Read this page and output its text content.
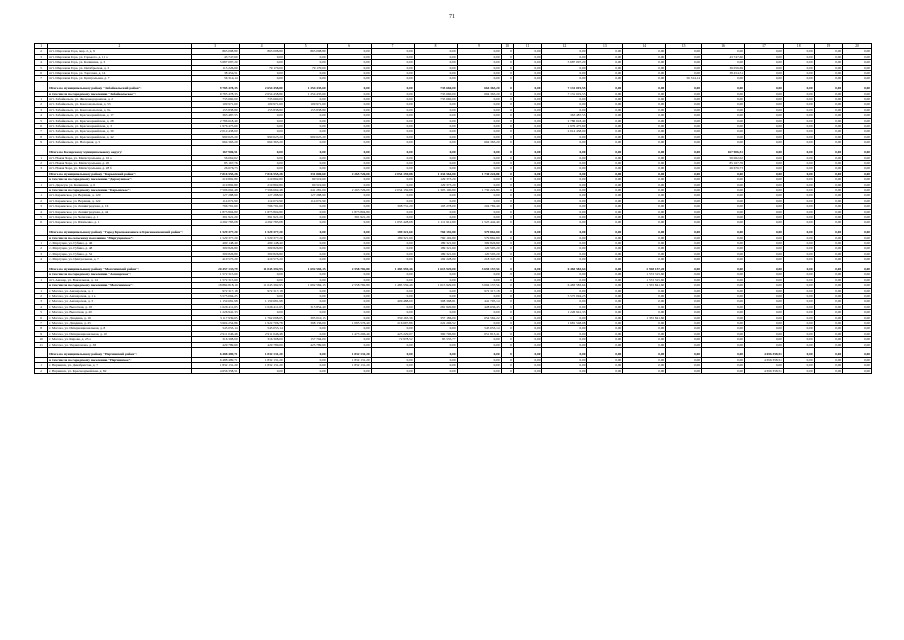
71
1	2	3	4	5	6	7	8	9	10	11	12	13	14	15	16	17	18	19	20
2	пгт. Шерловая Гора, мкр. 2, д. 9	863 098,80	863 098,80	863 098,80	0,00	0,00	0,00	0,00	0	0,00	0,00	0,00	0,00	0,00	0,00	0,00	0,00	0,00	0,00
3	пгт. Шерловая Гора, ул. Горького, д. 11 а	43 747,60	0,00	0,00	0,00	0,00	0,00	0,00	0	0,00	0,00	0,00	0,00	0,00	43 747,60	0,00	0,00	0,00	0,00
4	пгт. Шерловая Гора, ул. Калинина, д. 3	5 687 097,20	0,00	0,00	0,00	0,00	0,00	0,00	0	0,00	5 687 097,20	0,00	0,00	0,00	0,00	0,00	0,00	0,00	0,00
5	пгт. Шерловая Гора, ул. Октябрьская, д. 3	115 226,69	79 170,00	79 170,00	0,00	0,00	0,00	0,00	0	0,00	0,00	0,00	0,00	0,00	36 056,69	0,00	0,00	0,00	0,00
6	пгт. Шерловая Гора, ул. Торговая, д. 14	38 454,51	0,00	0,00	0,00	0,00	0,00	0,00	0	0,00	0,00	0,00	0,00	0,00	38 454,51	0,00	0,00	0,00	0,00
7	пгт. Шерловая Гора, ул. Центральная, д. 7	56 314,14	0,00	0,00	0,00	0,00	0,00	0,00	0	0,00	0,00	0,00	0,00	56 314,14	0,00	0,00	0,00	0,00	0,00
	Итого по муниципальному району "Забайкальский район":	9 785 478,35	2 654 458,80	1 254 435,60	0,00	0,00	735 660,00	664 363,20	0	0,00	7 131 019,55	0,00	0,00	0,00	0,00	0,00	0,00	0,00	0,00
	в том числе по городскому поселению "Забайкальское":	9 785 478,35	2 654 458,80	1 254 435,60	0,00	0,00	735 660,00	664 363,20	0	0,00	7 131 019,55	0,00	0,00	0,00	0,00	0,00	0,00	0,00	0,00
1	пгт. Забайкальск, ул. Железнодорожная, д. 2	735 660,00	735 660,00	0,00	0,00	0,00	735 660,00	0,00	0	0,00	0,00	0,00	0,00	0,00	0,00	0,00	0,00	0,00	0,00
2	пгт. Забайкальск, ул. Комсомольская, д. 53	109 971,60	109 971,60	109 971,60	0,00	0,00	0,00	0,00	0	0,00	0,00	0,00	0,00	0,00	0,00	0,00	0,00	0,00	0,00
3	пгт. Забайкальск, ул. Комсомольская, д. 9а	155 838,80	155 838,80	155 838,80	0,00	0,00	0,00	0,00	0	0,00	0,00	0,00	0,00	0,00	0,00	0,00	0,00	0,00	0,00
4	пгт. Забайкальск, ул. Красноармейская, д. 17	363 487,55	0,00	0,00	0,00	0,00	0,00	0,00	0	0,00	363 487,55	0,00	0,00	0,00	0,00	0,00	0,00	0,00	0,00
5	пгт. Забайкальск, ул. Красноармейская, д. 28	2 786 618,40	0,00	0,00	0,00	0,00	0,00	0,00	0	0,00	2 786 618,40	0,00	0,00	0,00	0,00	0,00	0,00	0,00	0,00
6	пгт. Забайкальск, ул. Красноармейская, д. 3	1 976 475,60	0,00	0,00	0,00	0,00	0,00	0,00	0	0,00	1 976 475,60	0,00	0,00	0,00	0,00	0,00	0,00	0,00	0,00
7	пгт. Забайкальск, ул. Красноармейская, д. 30	2 014 438,00	0,00	0,00	0,00	0,00	0,00	0,00	0	0,00	2 014 438,00	0,00	0,00	0,00	0,00	0,00	0,00	0,00	0,00
8	пгт. Забайкальск, ул. Красноармейская, д. 42	990 625,20	990 625,20	990 625,20	0,00	0,00	0,00	0,00	0	0,00	0,00	0,00	0,00	0,00	0,00	0,00	0,00	0,00	0,00
9	пгт. Забайкальск, ул. Нагорная, д. 5	664 363,20	664 363,20	0,00	0,00	0,00	0,00	664 363,20	0	0,00	0,00	0,00	0,00	0,00	0,00	0,00	0,00	0,00	0,00
	Итого по Каларскому муниципальному округу:	167 906,51	0,00	0,00	0,00	0,00	0,00	0,00	0	0,00	0,00	0,00	0,00	0,00	167 906,51	0,00	0,00	0,00	0,00
1	пгт. Новая Чара, ул. Магистральная, д. 16 а	56 062,02	0,00	0,00	0,00	0,00	0,00	0,00	0	0,00	0,00	0,00	0,00	0,00	56 062,02	0,00	0,00	0,00	0,00
2	пгт. Новая Чара, ул. Магистральная, д. 20	85 167,76	0,00	0,00	0,00	0,00	0,00	0,00	0	0,00	0,00	0,00	0,00	0,00	85 167,76	0,00	0,00	0,00	0,00
3	пгт. Новая Чара, ул. Магистральная, д. 28 б	26 676,73	0,00	0,00	0,00	0,00	0,00	0,00	0	0,00	0,00	0,00	0,00	0,00	26 676,73	0,00	0,00	0,00	0,00
	Итого по муниципальному району "Карымский район":	7 816 555,28	7 816 555,28	331 800,60	2 265 726,00	2 054 159,88	1 434 564,00	1 730 224,80	0	0,00	0,00	0,00	0,00	0,00	0,00	0,00	0,00	0,00	0,00
	в том числе по городскому поселению "Дарасунское":	219 892,80	219 892,80	90 519,60	0,00	0,00	129 373,20	0,00	0	0,00	0,00	0,00	0,00	0,00	0,00	0,00	0,00	0,00	0,00
1	пгт. Дарасун, ул. Калинина, д. 6	219 892,80	219 892,80	90 519,60	0,00	0,00	129 373,20	0,00	0	0,00	0,00	0,00	0,00	0,00	0,00	0,00	0,00	0,00	0,00
	в том числе по городскому поселению "Карымское":	7 596 662,48	7 596 662,48	241 281,00	2 265 726,00	2 054 159,88	1 305 190,80	1 730 224,80	0	0,00	0,00	0,00	0,00	0,00	0,00	0,00	0,00	0,00	0,00
1	пгт. Карымское, ул. Верхняя, д. 120	127 288,90	127 288,90	127 288,90	0,00	0,00	0,00	0,00	0	0,00	0,00	0,00	0,00	0,00	0,00	0,00	0,00	0,00	0,00
2	пгт. Карымское, ул. Верхняя, д. 122	114 072,90	114 072,90	114 072,90	0,00	0,00	0,00	0,00	0	0,00	0,00	0,00	0,00	0,00	0,00	0,00	0,00	0,00	0,00
3	пгт. Карымское, ул. Ленинградская, д. 16	796 791,60	796 791,60	0,00	0,00	398 731,20	193 278,00	204 782,40	0	0,00	0,00	0,00	0,00	0,00	0,00	0,00	0,00	0,00	0,00
4	пгт. Карымское, ул. Ленинградская, д. 44	1 873 804,80	1 873 804,80	0,00	1 873 804,80	0,00	0,00	0,00	0	0,00	0,00	0,00	0,00	0,00	0,00	0,00	0,00	0,00	0,00
5	пгт. Карымское, ул. Чепалова, д. 1	391 921,20	391 921,20	0,00	391 921,20	0,00	0,00	0,00	0	0,00	0,00	0,00	0,00	0,00	0,00	0,00	0,00	0,00	0,00
6	пгт. Карымское, ул. Шевченко, д. 1	4 292 783,08	4 292 783,08	0,00	0,00	1 655 428,68	1 111 912,80	1 525 442,40	0	0,00	0,00	0,00	0,00	0,00	0,00	0,00	0,00	0,00	0,00
	Итого по муниципальному району "Город Краснокаменск и Краснокаменский район":	1 529 377,20	1 529 377,20	0,00	0,00	189 321,60	760 192,80	579 862,80	0	0,00	0,00	0,00	0,00	0,00	0,00	0,00	0,00	0,00	0,00
	в том числе по сельскому поселению "Маргуцекское":	1 529 377,20	1 529 377,20	0,00	0,00	189 321,60	760 192,80	579 862,80	0	0,00	0,00	0,00	0,00	0,00	0,00	0,00	0,00	0,00	0,00
1	с. Маргуцек, ул. Губина, д. 46	499 148,40	499 148,40	0,00	0,00	0,00	189 321,60	309 826,80	0	0,00	0,00	0,00	0,00	0,00	0,00	0,00	0,00	0,00	0,00
2	с. Маргуцек, ул. Губина, д. 48	309 826,80	309 826,80	0,00	0,00	0,00	189 321,60	120 505,20	0	0,00	0,00	0,00	0,00	0,00	0,00	0,00	0,00	0,00	0,00
3	с. Маргуцек, ул. Губина, д. 52	309 826,80	309 826,80	0,00	0,00	0,00	189 321,60	120 505,20	0	0,00	0,00	0,00	0,00	0,00	0,00	0,00	0,00	0,00	0,00
4	с. Маргуцек, ул. Центральная, д. 7	410 575,20	410 575,20	0,00	0,00	0,00	192 228,00	218 347,20	0	0,00	0,00	0,00	0,00	0,00	0,00	0,00	0,00	0,00	0,00
	Итого по муниципальному району "Могочинский район":	20 457 133,79	11 045 392,95	1 692 584,15	2 558 782,80	1 483 559,46	1 615 929,00	3 694 157,54	0	0,00	6 483 583,64	0,00	2 928 157,20	0,00	0,00	0,00	0,00	0,00	0,00
	в том числе по городскому поселению "Амазарское":	1 572 315,60	0,00	0,00	0,00	0,00	0,00	0,00	0	0,00	0,00	0,00	1 572 315,60	0,00	0,00	0,00	0,00	0,00	0,00
1	пгт. Амазар, ул. Вокзальная, д. 14	1 572 315,60	0,00	0,00	0,00	0,00	0,00	0,00	0	0,00	0,00	0,00	1 572 315,60	0,00	0,00	0,00	0,00	0,00	0,00
	в том числе по городскому поселению "Могочинское":	18 884 818,19	11 045 392,95	1 692 584,15	2 558 782,80	1 483 559,46	1 615 929,00	3 694 157,54	0	0,00	6 483 583,64	0,00	1 355 841,60	0,00	0,00	0,00	0,00	0,00	0,00
1	г. Могоча, ул. Амазарская, д. 1	972 317,18	972 317,18	0,00	0,00	0,00	0,00	972 317,18	0	0,00	0,00	0,00	0,00	0,00	0,00	0,00	0,00	0,00	0,00
2	г. Могоча, ул. Амазарская, д. 1 а	5 575 094,25	0,00	0,00	0,00	0,00	0,00	0,00	0	0,00	5 575 094,25	0,00	0,00	0,00	0,00	0,00	0,00	0,00	0,00
3	г. Могоча, ул. Амазарская, д. 3	1 159 681,98	1 159 681,98	0,00	0,00	409 488,00	308 398,81	441 795,14	0	0,00	0,00	0,00	0,00	0,00	0,00	0,00	0,00	0,00	0,00
4	г. Могоча, ул. Высотная, д. 18	1 026 411,65	1 026 411,65	315 854,40	0,00	0,00	281 920,80	428 636,45	0	0,00	0,00	0,00	0,00	0,00	0,00	0,00	0,00	0,00	0,00
5	г. Могоча, ул. Высотная, д. 20	1 226 941,33	0,00	0,00	0,00	0,00	0,00	0,00	0	0,00	1 226 941,33	0,00	0,00	0,00	0,00	0,00	0,00	0,00	0,00
6	г. Могоча, ул. Дзюдина, д. 16	3 117 939,65	1 762 098,05	395 010,15	0,00	359 163,36	357 186,00	654 562,22	0	0,00	0,00	0,00	1 355 841,60	0,00	0,00	0,00	0,00	0,00	0,00
7	г. Могоча, ул. Дзюдина, д. 25	3 604 254,86	1 922 706,78	398 136,00	1 085 576,40	216 697,86	222 296,52	0,00	0	0,00	1 681 548,08	0,00	0,00	0,00	0,00	0,00	0,00	0,00	0,00
8	г. Могоча, ул. Интернациональная, д. 8	545 053,14	545 053,14	0,00	0,00	0,00	0,00	545 053,14	0	0,00	0,00	0,00	0,00	0,00	0,00	0,00	0,00	0,00	0,00
9	г. Могоча, ул. Интернациональная, д. 10	2 911 046,48	2 911 046,48	0,00	1 473 206,40	425 229,07	360 796,80	651 813,41	0	0,00	0,00	0,00	0,00	0,00	0,00	0,00	0,00	0,00	0,00
10	г. Могоча, ул. Кирова, д. 23 а	316 308,09	316 308,09	157 794,00	0,00	72 978,52	85 535,77	0,00	0	0,00	0,00	0,00	0,00	0,00	0,00	0,00	0,00	0,00	0,00
11	г. Могоча, ул. Укрангенова, д. 38	429 789,60	429 789,60	425 789,60	0,00	0,00	0,00	0,00	0	0,00	0,00	0,00	0,00	0,00	0,00	0,00	0,00	0,00	0,00
	Итого по муниципальному району "Нерчинский район":	6 488 489,71	1 832 131,20	0,00	1 832 131,20	0,00	0,00	0,00	0	0,00	0,00	0,00	0,00	0,00	0,00	4 656 358,51	0,00	0,00	0,00
	в том числе по городскому поселению "Нерчинское":	6 488 489,71	1 832 131,20	0,00	1 832 131,20	0,00	0,00	0,00	0	0,00	0,00	0,00	0,00	0,00	0,00	4 656 358,51	0,00	0,00	0,00
1	г. Нерчинск, ул. Декабристов, д. 7	1 832 131,20	1 832 131,20	0,00	1 832 131,20	0,00	0,00	0,00	0	0,00	0,00	0,00	0,00	0,00	0,00	0,00	0,00	0,00	0,00
2	г. Нерчинск, ул. Красноармейская, д. 82	4 656 358,51	0,00	0,00	0,00	0,00	0,00	0,00	0	0,00	0,00	0,00	0,00	0,00	0,00	4 656 358,51	0,00	0,00	0,00
